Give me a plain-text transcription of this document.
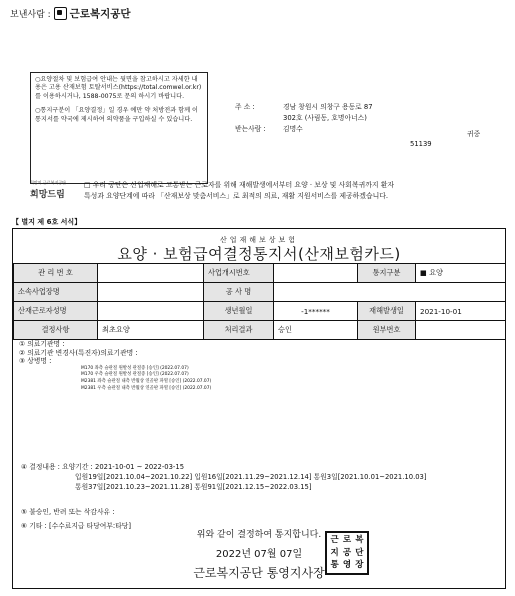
보낸사람 : 근로복지공단

○요양절차 및 보험급여 안내는 뒷면을 참고하시고 자세한 내용은 고용 산재보험 토탈서비스(https://total.comwel.or.kr)를 이용하시거나, 1588-0075로 문의 하시기 바랍니다.

○통지구분이 「요양결정」일 경우 예만 약 처방전과 함께 이 통지서를 약국에 제시하여 의약품을 구입하실 수 있습니다.

주 소 :	경남 창원시 의창구 용동로 87
302호 (사림동, 호명아너스)
받는사람 :	김명수
귀중
51139
희망의 근로복지공단
희망드림
□ 우리 공단은 산업재해로 고통받는 근로자를 위해 재해발생에서부터 요양 · 보상 및 사회복귀까지 환자
특성과 요양단계에 따라 「산재보상 맞춤서비스」로 최적의 의료, 재활 지원서비스를 제공하겠습니다.
【 별지 제 6호 서식】
산업재해보상보험
요양 · 보험급여결정통지서(산재보험카드)
관 리 번 호		사업개시번호		통지구분	■ 요양
소속사업장명		공 사 명			
산재근로자성명		생년월일	-1******	재해발생일	2021-10-01
결정사항	최초요양	처리결과	승인	원부번호	
① 의료기관명 :
② 의료기관 변경사(특진자)의료기관명 :
③ 상병명 :
M170 좌측 슬관절 원발성 관절증 [승인] (2022.07.07)
M170 우측 슬관절 원발성 관절증 [승인] (2022.07.07)
M2381 좌측 슬관절 내측 반월상 연골판 파열 [승인] (2022.07.07)
M2381 우측 슬관절 내측 반월상 연골판 파열 [승인] (2022.07.07)
④ 결정내용 : 요양기간 : 2021-10-01 ~ 2022-03-15
입원19일[2021.10.04~2021.10.22] 입원16일[2021.11.29~2021.12.14] 통원3일[2021.10.01~2021.10.03]
통원37일[2021.10.23~2021.11.28] 통원91일[2021.12.15~2022.03.15]
⑤ 불승인, 반려 또는 삭감사유 :
⑥ 기타 : [수수료지급 타당여부:타당]
위와 같이 결정하여 통지합니다.
2022년 07월 07일
근로복지공단 통영지사장
근 로 복
지 공 단
통 영 장
